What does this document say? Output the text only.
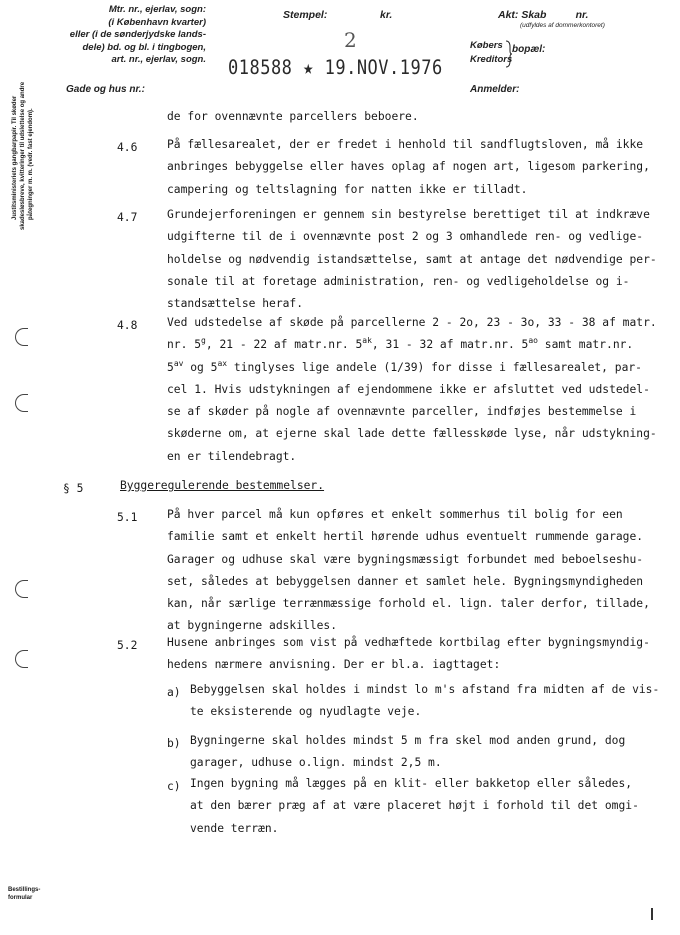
Mtr. nr., ejerlav, sogn:
(i København kvarter)
eller (i de sønderjydske lands-
dele) bd. og bl. i tingbogen,
art. nr., ejerlav, sogn.
Gade og hus nr.:
Stempel:	kr.	Akt: Skab          nr.
(udfyldes af dommerkontoret)
Købers
Kreditors
bopæl:
Anmelder:
2
018588 ★ 19.NOV.1976
Justitsministeriets gangbarpapir. Til skøder skadesløsbreve, kvitteringer til udslettelse og andre påtegninger m. m. (vedr. fast ejendom).
Bestillings-
formular
de for ovennævnte parcellers beboere.
4.6	På fællesarealet, der er fredet i henhold til sandflugtsloven, må ikke
anbringes bebyggelse eller haves oplag af nogen art, ligesom parkering,
campering og teltslagning for natten ikke er tilladt.
4.7	Grundejerforeningen er gennem sin bestyrelse berettiget til at indkræve
udgifterne til de i ovennævnte post 2 og 3 omhandlede ren- og vedlige-
holdelse og nødvendig istandsættelse, samt at antage det nødvendige per-
sonale til at foretage administration, ren- og vedligeholdelse og i-
standsættelse heraf.
4.8	Ved udstedelse af skøde på parcellerne 2 - 2o, 23 - 3o, 33 - 38 af matr.
nr. 5$^g$, 21 - 22 af matr.nr. $5^{ak}$, 31 - 32 af matr.nr. $5^{ao}$ samt matr.nr.
$5^{av}$ og $5^{ax}$ tinglyses lige andele (1/39) for disse i fællesarealet, par-
cel 1. Hvis udstykningen af ejendommene ikke er afsluttet ved udstedel-
se af skøder på nogle af ovennævnte parceller, indføjes bestemmelse i
skøderne om, at ejerne skal lade dette fællesskøde lyse, når udstykning-
en er tilendebragt.
§ 5	Byggeregulerende bestemmelser.
5.1	På hver parcel må kun opføres et enkelt sommerhus til bolig for een
familie samt et enkelt hertil hørende udhus eventuelt rummende garage.
Garager og udhuse skal være bygningsmæssigt forbundet med beboelseshu-
set, således at bebyggelsen danner et samlet hele. Bygningsmyndigheden
kan, når særlige terrænmæssige forhold el. lign. taler derfor, tillade,
at bygningerne adskilles.
5.2	Husene anbringes som vist på vedhæftede kortbilag efter bygningsmyndig-
hedens nærmere anvisning. Der er bl.a. iagttaget:
a) Bebyggelsen skal holdes i mindst lo m's afstand fra midten af de vis-
te eksisterende og nyudlagte veje.
b) Bygningerne skal holdes mindst 5 m fra skel mod anden grund, dog
garager, udhuse o.lign. mindst 2,5 m.
c) Ingen bygning må lægges på en klit- eller bakketop eller således,
at den bærer præg af at være placeret højt i forhold til det omgi-
vende terræn.
